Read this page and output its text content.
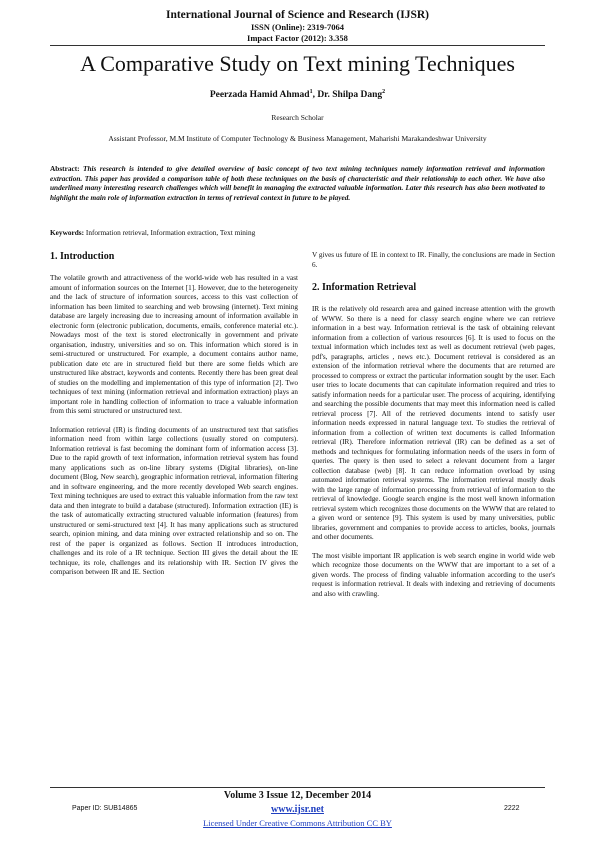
International Journal of Science and Research (IJSR)
ISSN (Online): 2319-7064
Impact Factor (2012): 3.358
A Comparative Study on Text mining Techniques
Peerzada Hamid Ahmad$^1$, Dr. Shilpa Dang$^2$
Research Scholar
Assistant Professor, M.M Institute of Computer Technology & Business Management, Maharishi Marakandeshwar University
Abstract: This research is intended to give detailed overview of basic concept of two text mining techniques namely information retrieval and information extraction. This paper has provided a comparison table of both these techniques on the basis of characteristic and their relationship to each other. We have also underlined many interesting research challenges which will benefit in managing the extracted valuable information. Later this research has also been motivated to highlight the main role of information extraction in terms of retrieval context in future to be played.
Keywords: Information retrieval, Information extraction, Text mining
1. Introduction

The volatile growth and attractiveness of the world-wide web has resulted in a vast amount of information sources on the Internet [1]. However, due to the heterogeneity and the lack of structure of information sources, access to this vast collection of information has been limited to searching and web browsing (internet). Text mining database are largely increasing due to increasing amount of information available in electronic form (electronic publication, documents, emails, conference material etc.). Nowadays most of the text is stored electronically in government and private organisation, industry, universities and so on. This information which stored is in semi-structured or unstructured. For example, a document contains author name, publication date etc are in structured field but there are some fields which are unstructured like abstract, keywords and contents. Recently there has been great deal of studies on the modelling and implementation of this type of information [2]. Two techniques of text mining (information retrieval and information extraction) plays an important role in handling collection of information to trace a valuable information from this semi structured or unstructured text.

Information retrieval (IR) is finding documents of an unstructured text that satisfies information need from within large collections (usually stored on computers). Information retrieval is fast becoming the dominant form of information access [3]. Due to the rapid growth of text information, information retrieval system has found many applications such as on-line library systems (Digital libraries), on-line document (Blog, New search), geographic information retrieval, information filtering and in software engineering, and the more recently developed Web search engines. Text mining techniques are used to extract this valuable information from the raw text data and then integrate to build a database (structured). Information extraction (IE) is the task of automatically extracting structured valuable information (features) from unstructured or semi-structured text [4]. It has many applications such as structured search, opinion mining, and data mining over extracted relationship and so on. The rest of the paper is organized as follows. Section II introduces introduction, challenges and its role of a IR technique. Section III gives the detail about the IE technique, its role, challenges and its relationship with IR. Section IV gives the comparison between IR and IE. Section

V gives us future of IE in context to IR. Finally, the conclusions are made in Section 6.

2. Information Retrieval

IR is the relatively old research area and gained increase attention with the growth of WWW. So there is a need for classy search engine where we can retrieve information in a best way. Information retrieval is the task of obtaining relevant information from a collection of various resources [6]. It is used to focus on the textual information which includes text as well as document retrieval (web pages, pdf's, paragraphs, articles , news etc.). Document retrieval is considered as an extension of the information retrieval where the documents that are returned are processed to compress or extract the particular information sought by the user. Each user tries to locate documents that can capitulate information required and tries to satisfy information needs for a particular user. The process of acquiring, identifying and searching the possible documents that may meet this information need is called retrieval process [7]. All of the retrieved documents intend to satisfy user information needs expressed in natural language text. To studies the retrieval of information from a collection of written text documents is called Information retrieval (IR). Therefore information retrieval (IR) can be defined as a set of methods and techniques for formulating information needs of the users in form of queries. The query is then used to select a relevant document from a larger collection database (web) [8]. It can reduce information overload by using automated information retrieval systems. The information retrieval mostly deals with the large range of information processing from retrieval of information to the retrieval of knowledge. Google search engine is the most well known information retrieval system which recognizes those documents on the WWW that are related to a given word or sentence [9]. This system is used by many universities, public libraries, government and companies to provide access to articles, books, journals and other documents.

The most visible important IR application is web search engine in world wide web which recognize those documents on the WWW that are important to a set of a given words. The process of finding valuable information according to the user's request is information retrieval. It deals with indexing and retrieving of documents and also with crawling.

Volume 3 Issue 12, December 2014
www.ijsr.net
Licensed Under Creative Commons Attribution CC BY
Paper ID: SUB14865	2222
